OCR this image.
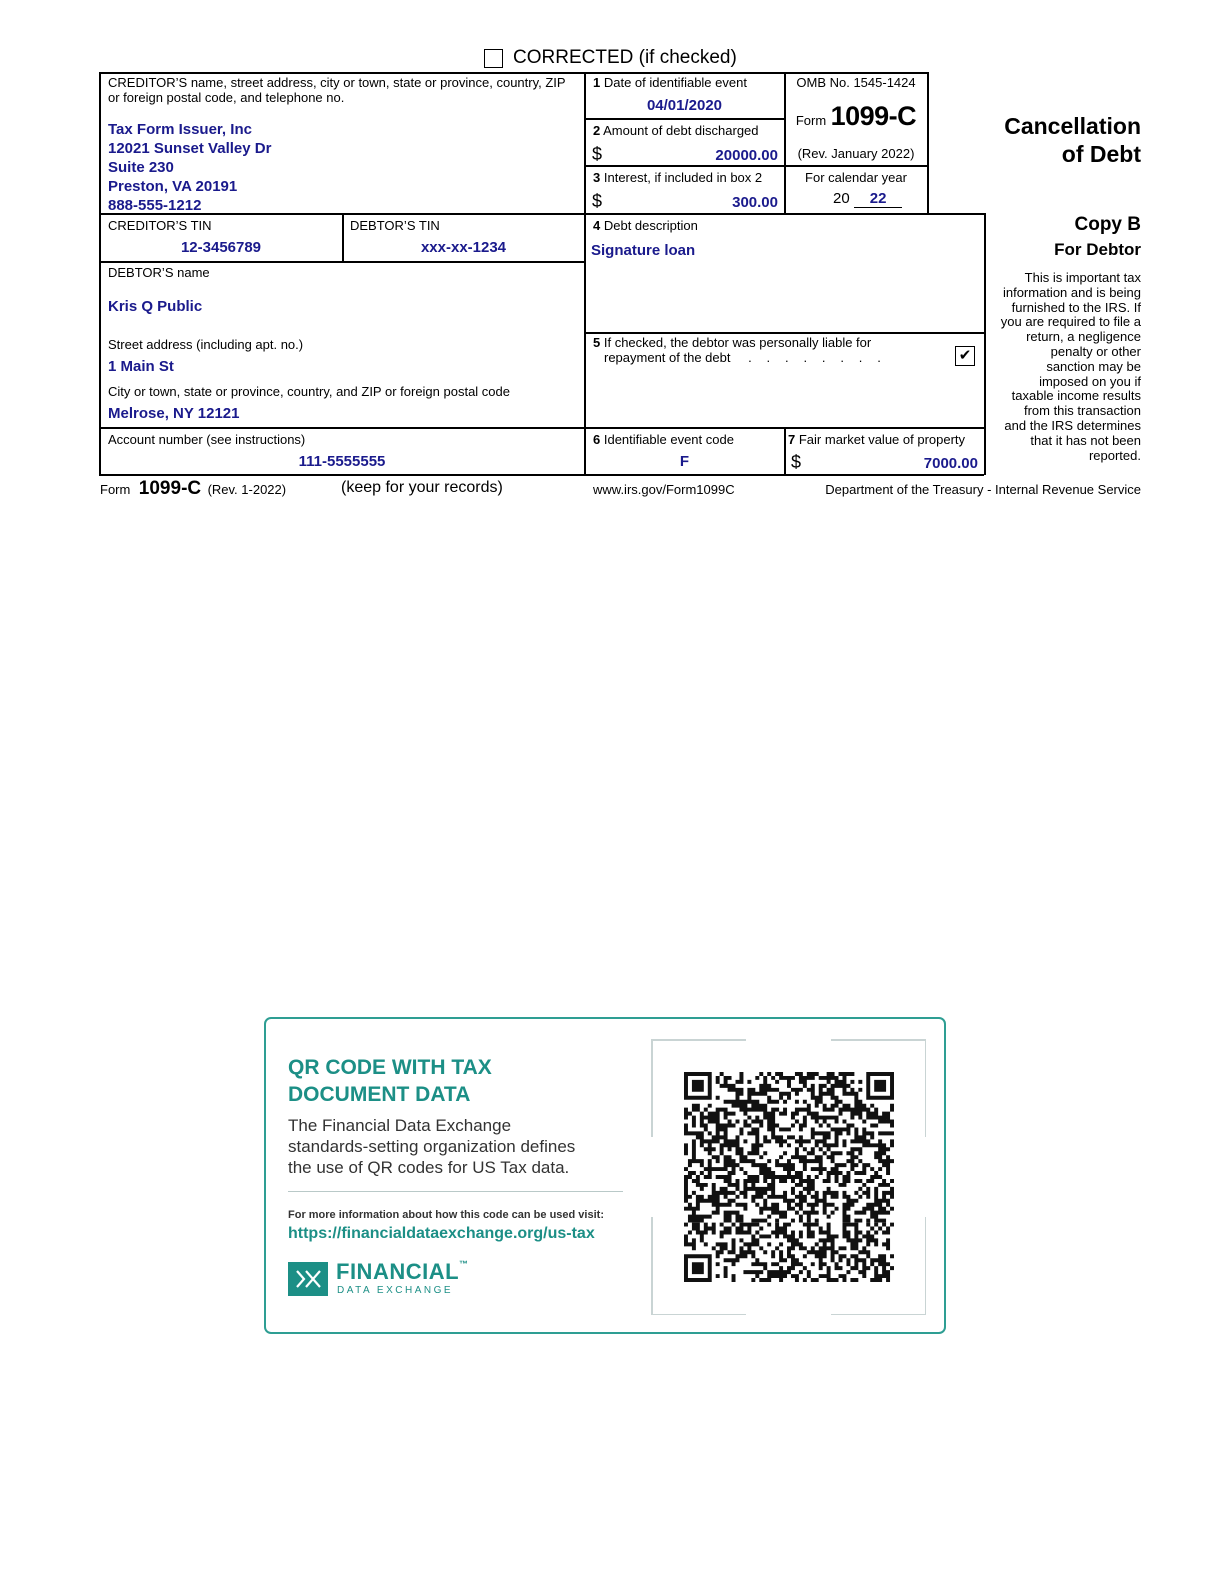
CORRECTED (if checked)
CREDITOR’S name, street address, city or town, state or province, country, ZIP or foreign postal code, and telephone no.
Tax Form Issuer, Inc
12021 Sunset Valley Dr
Suite 230
Preston, VA 20191
888-555-1212
1 Date of identifiable event
04/01/2020
2 Amount of debt discharged
$	20000.00
3 Interest, if included in box 2
$	300.00
OMB No. 1545-1424
Form 1099-C
(Rev. January 2022)
For calendar year
20 22
Cancellation
of Debt
CREDITOR’S TIN
12-3456789
DEBTOR’S TIN
xxx-xx-1234
DEBTOR’S name
Kris Q Public
Street address (including apt. no.)
1 Main St
City or town, state or province, country, and ZIP or foreign postal code
Melrose, NY 12121
Account number (see instructions)
111-5555555
4 Debt description
Signature loan
5 If checked, the debtor was personally liable for
repayment of the debt .   .   .   .   .   .   .   .	✔
6 Identifiable event code
F
7 Fair market value of property
$	7000.00
Copy B
For Debtor
This is important tax
information and is being
furnished to the IRS. If
you are required to file a
return, a negligence
penalty or other
sanction may be
imposed on you if
taxable income results
from this transaction
and the IRS determines
that it has not been
reported.
Form 1099-C (Rev. 1-2022)	(keep for your records)	www.irs.gov/Form1099C	Department of the Treasury - Internal Revenue Service
QR CODE WITH TAX
DOCUMENT DATA
The Financial Data Exchange
standards-setting organization defines
the use of QR codes for US Tax data.
For more information about how this code can be used visit:
https://financialdataexchange.org/us-tax
FINANCIAL™
DATA EXCHANGE
